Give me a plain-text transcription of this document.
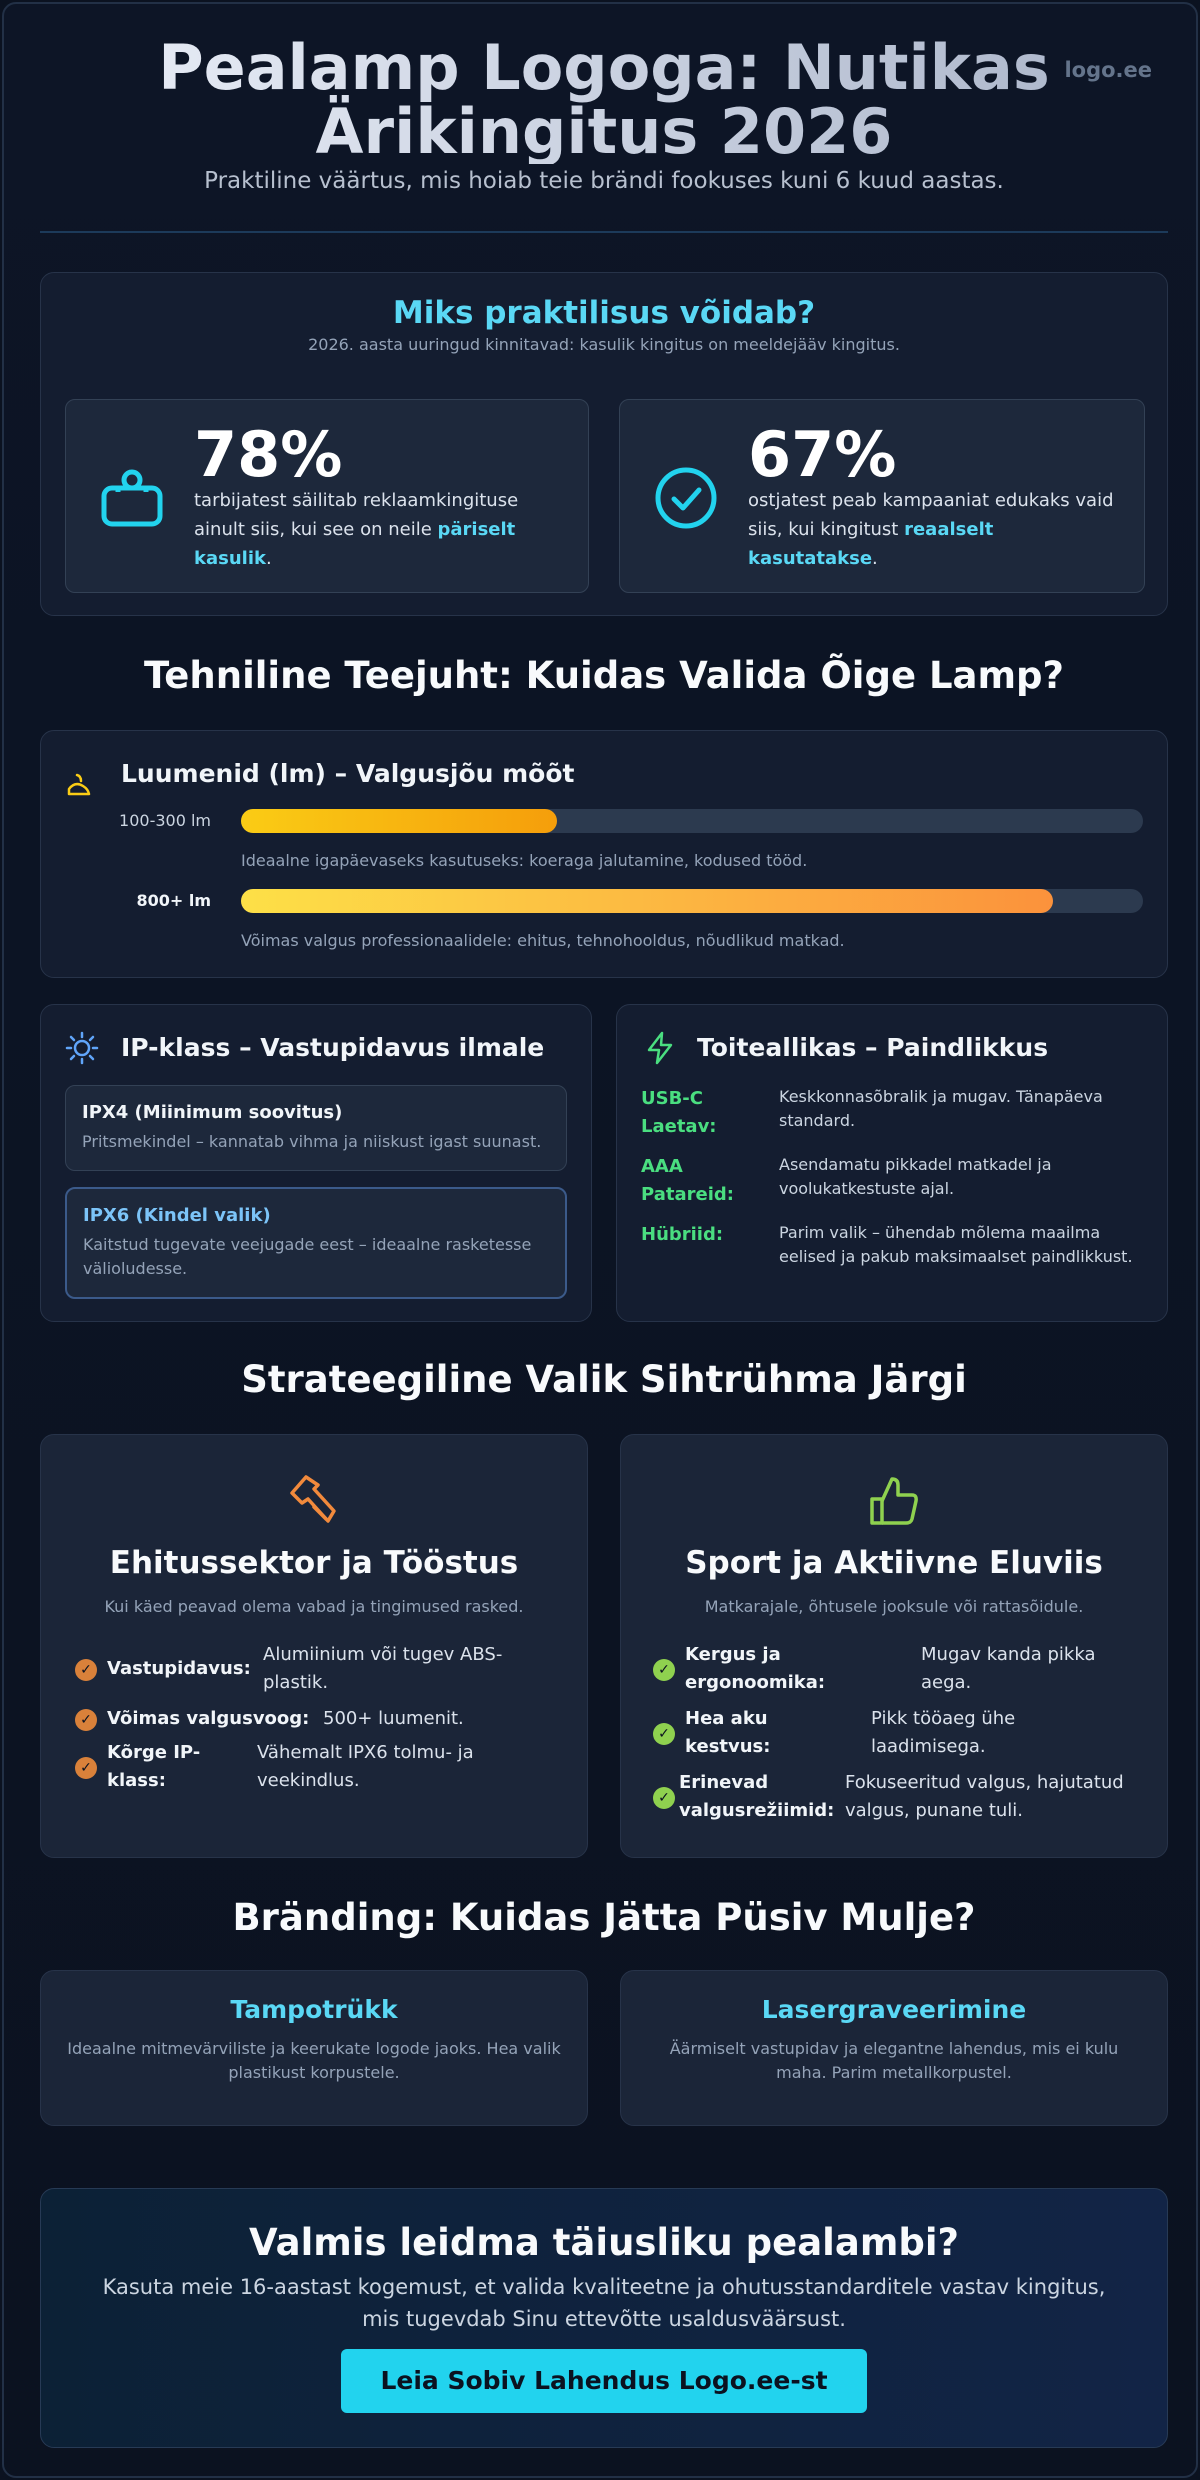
Pealamp Logoga: Nutikas
Ärikingitus 2026
logo.ee
Praktiline väärtus, mis hoiab teie brändi fookuses kuni 6 kuud aastas.
Miks praktilisus võidab?
2026. aasta uuringud kinnitavad: kasulik kingitus on meeldejääv kingitus.
78%
tarbijatest säilitab reklaamkingituse ainult siis, kui see on neile päriselt kasulik.
67%
ostjatest peab kampaaniat edukaks vaid siis, kui kingitust reaalselt kasutatakse.
Tehniline Teejuht: Kuidas Valida Õige Lamp?
Luumenid (lm) – Valgusjõu mõõt
100-300 lm
Ideaalne igapäevaseks kasutuseks: koeraga jalutamine, kodused tööd.
800+ lm
Võimas valgus professionaalidele: ehitus, tehnohooldus, nõudlikud matkad.
IP-klass – Vastupidavus ilmale
IPX4 (Miinimum soovitus)
Pritsmekindel – kannatab vihma ja niiskust igast suunast.
IPX6 (Kindel valik)
Kaitstud tugevate veejugade eest – ideaalne rasketesse välioludesse.
Toiteallikas – Paindlikkus
USB-C Laetav:
Keskkonnasõbralik ja mugav. Tänapäeva standard.
AAA Patareid:
Asendamatu pikkadel matkadel ja voolukatkestuste ajal.
Hübriid:	Parim valik – ühendab mõlema maailma eelised ja pakub maksimaalset paindlikkust.
Strateegiline Valik Sihtrühma Järgi
Ehitussektor ja Tööstus
Kui käed peavad olema vabad ja tingimused rasked.
✓ Vastupidavus:
Alumiinium või tugev ABS-plastik.
✓ Võimas valgusvoog: 500+ luumenit.
✓
Kõrge IP-klass:
Vähemalt IPX6 tolmu- ja veekindlus.
Sport ja Aktiivne Eluviis
Matkarajale, õhtusele jooksule või rattasõidule.
✓
Kergus ja ergonoomika:
Mugav kanda pikka aega.
✓
Hea aku kestvus:
Pikk tööaeg ühe laadimisega.
✓
Erinevad valgusrežiimid:
Fokuseeritud valgus, hajutatud valgus, punane tuli.
Bränding: Kuidas Jätta Püsiv Mulje?
Tampotrükk
Ideaalne mitmevärviliste ja keerukate logode jaoks. Hea valik plastikust korpustele.
Lasergraveerimine
Äärmiselt vastupidav ja elegantne lahendus, mis ei kulu maha. Parim metallkorpustel.
Valmis leidma täiusliku pealambi?
Kasuta meie 16-aastast kogemust, et valida kvaliteetne ja ohutusstandarditele vastav kingitus, mis tugevdab Sinu ettevõtte usaldusväärsust.
Leia Sobiv Lahendus Logo.ee-st
